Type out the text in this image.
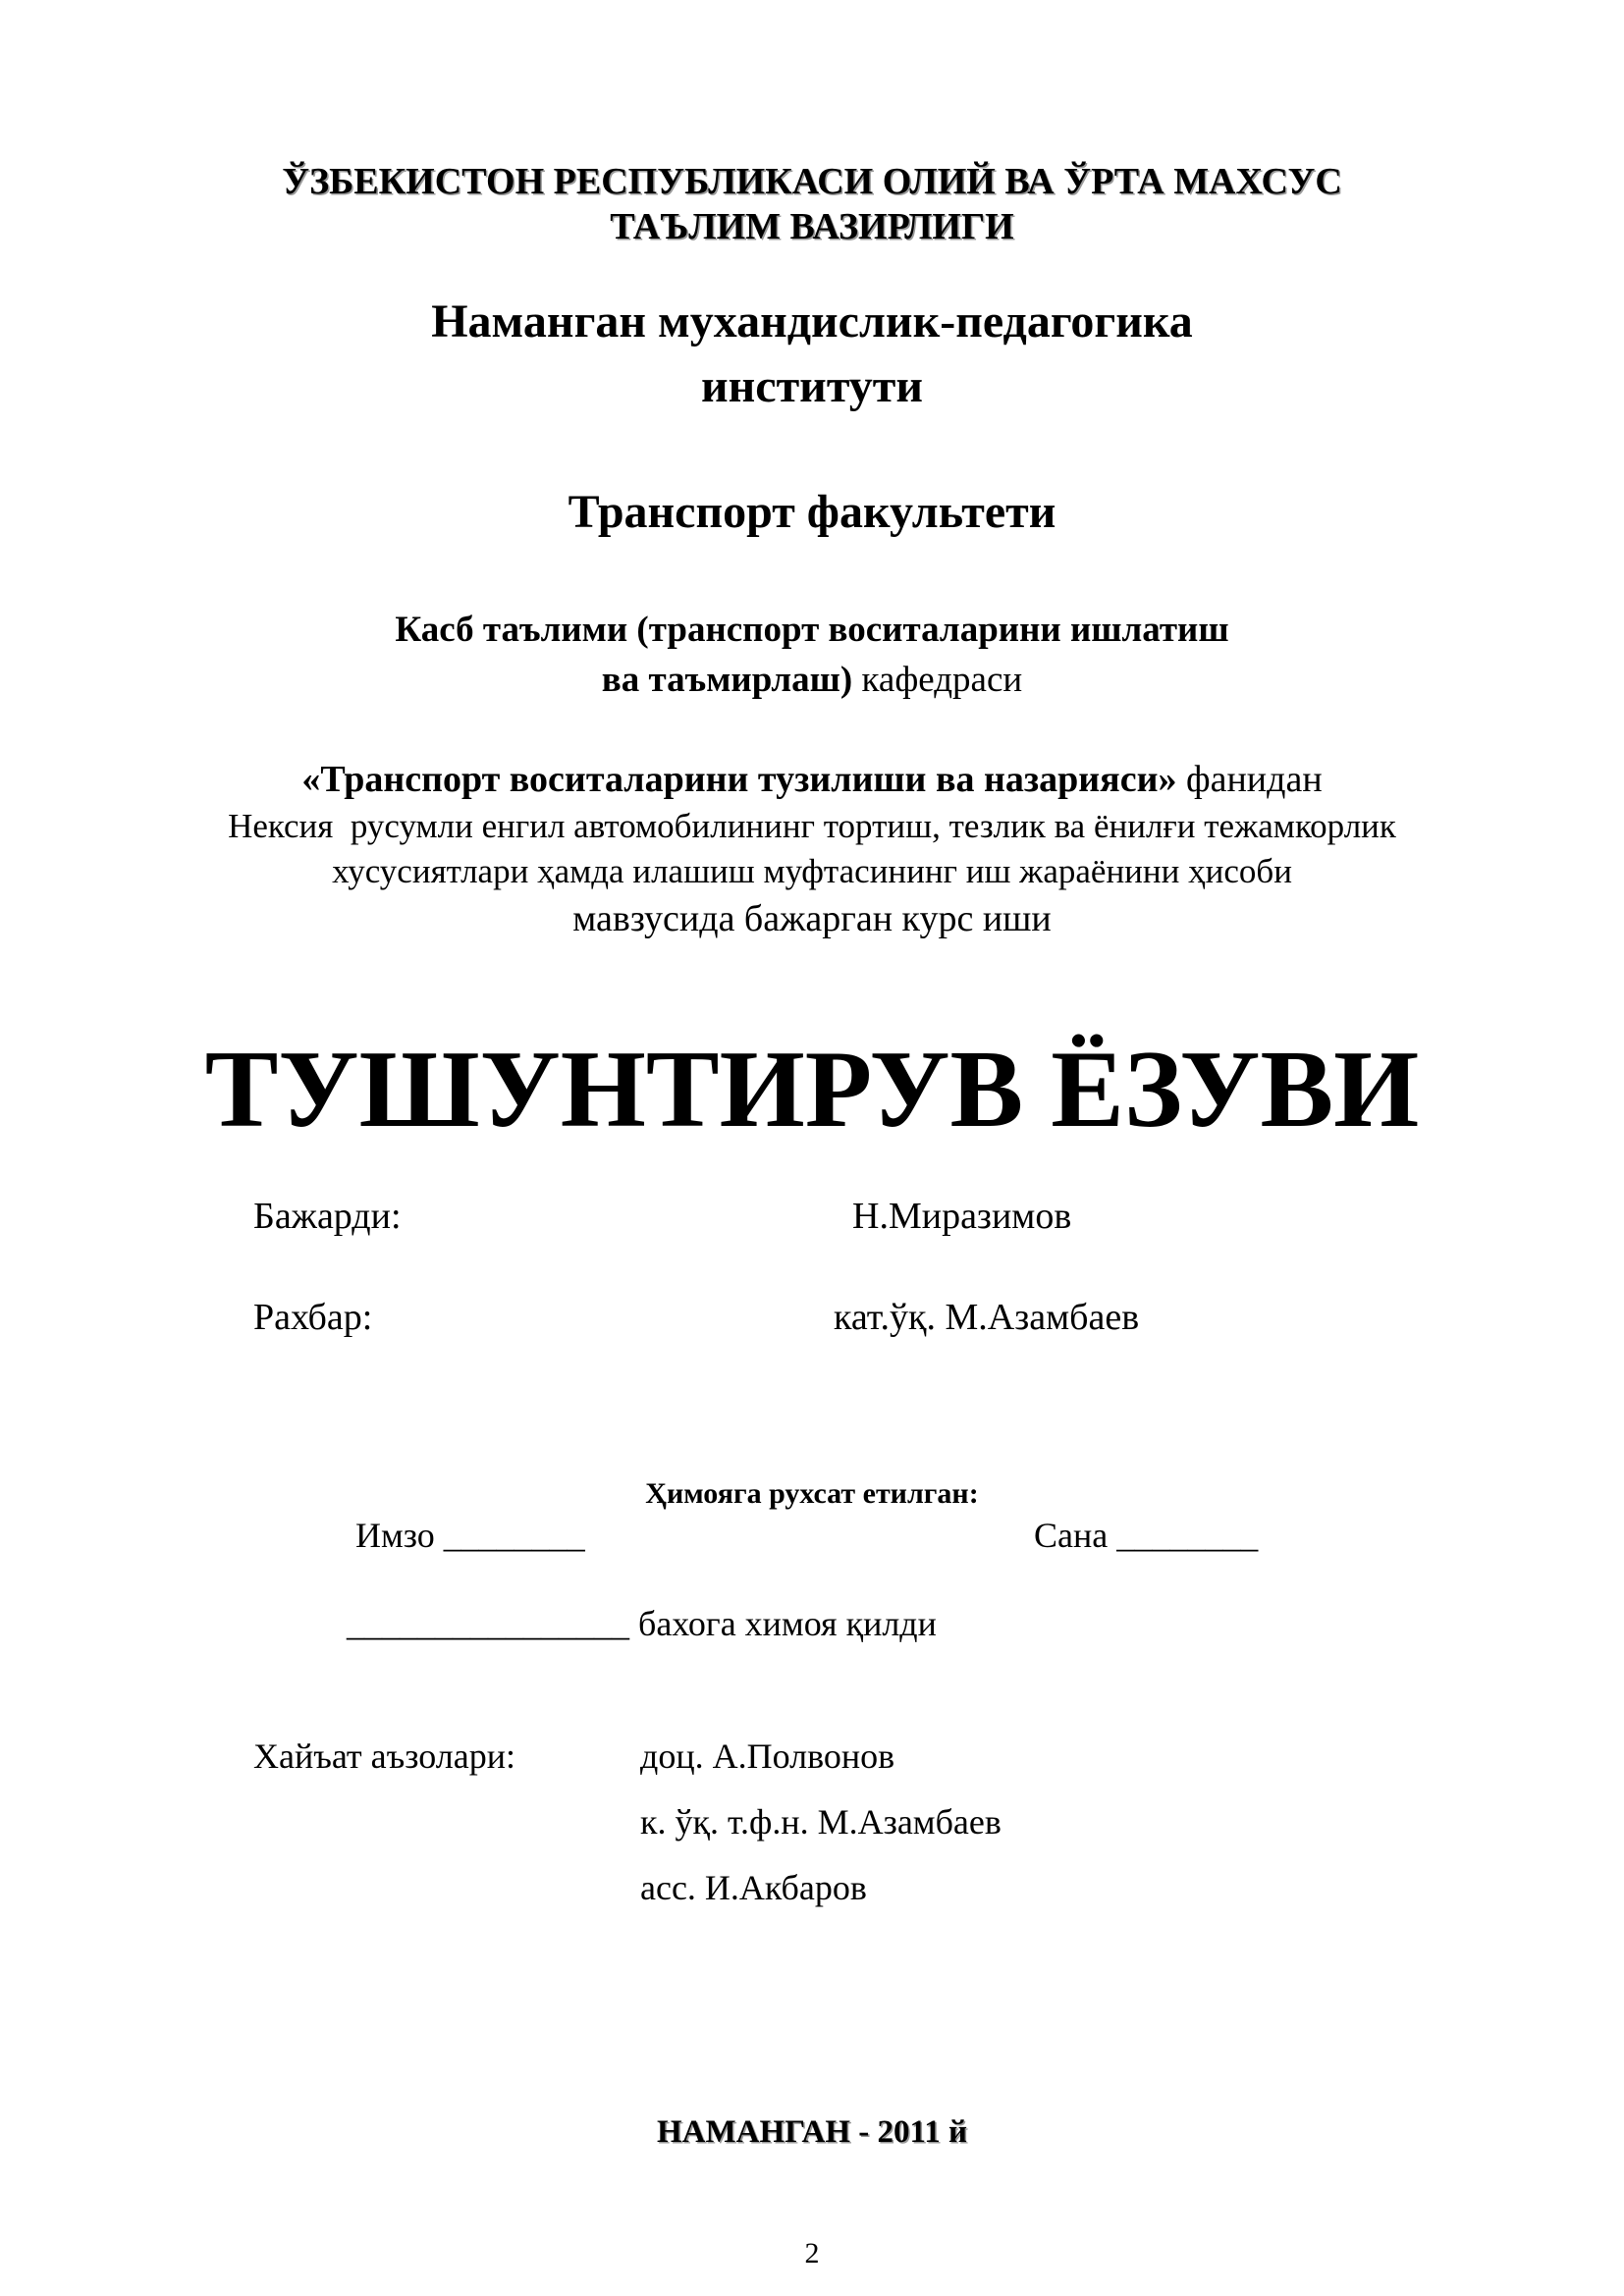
ЎЗБЕКИСТОН РЕСПУБЛИКАСИ ОЛИЙ ВА ЎРТА МАХСУС
ТАЪЛИМ ВАЗИРЛИГИ
Наманган мухандислик-педагогика
институти
Транспорт факультети
Касб таълими (транспорт воситаларини ишлатиш
ва таъмирлаш) кафедраси
«Транспорт воситаларини тузилиши ва назарияси» фанидан
Нексия  русумли енгил автомобилининг тортиш, тезлик ва ёнилғи тежамкорлик
хусусиятлари ҳамда илашиш муфтасининг иш жараёнини ҳисоби
мавзусида бажарган курс иши
ТУШУНТИРУВ ЁЗУВИ
Бажарди:	Н.Миразимов
Рахбар:	кат.ўқ. М.Азамбаев
Ҳимояга рухсат етилган:
Имзо ________	Сана ________
________________ бахога химоя қилди
Хайъат аъзолари:	доц. А.Полвонов
к. ўқ. т.ф.н. М.Азамбаев
асс. И.Акбаров
НАМАНГАН - 2011 й
2
